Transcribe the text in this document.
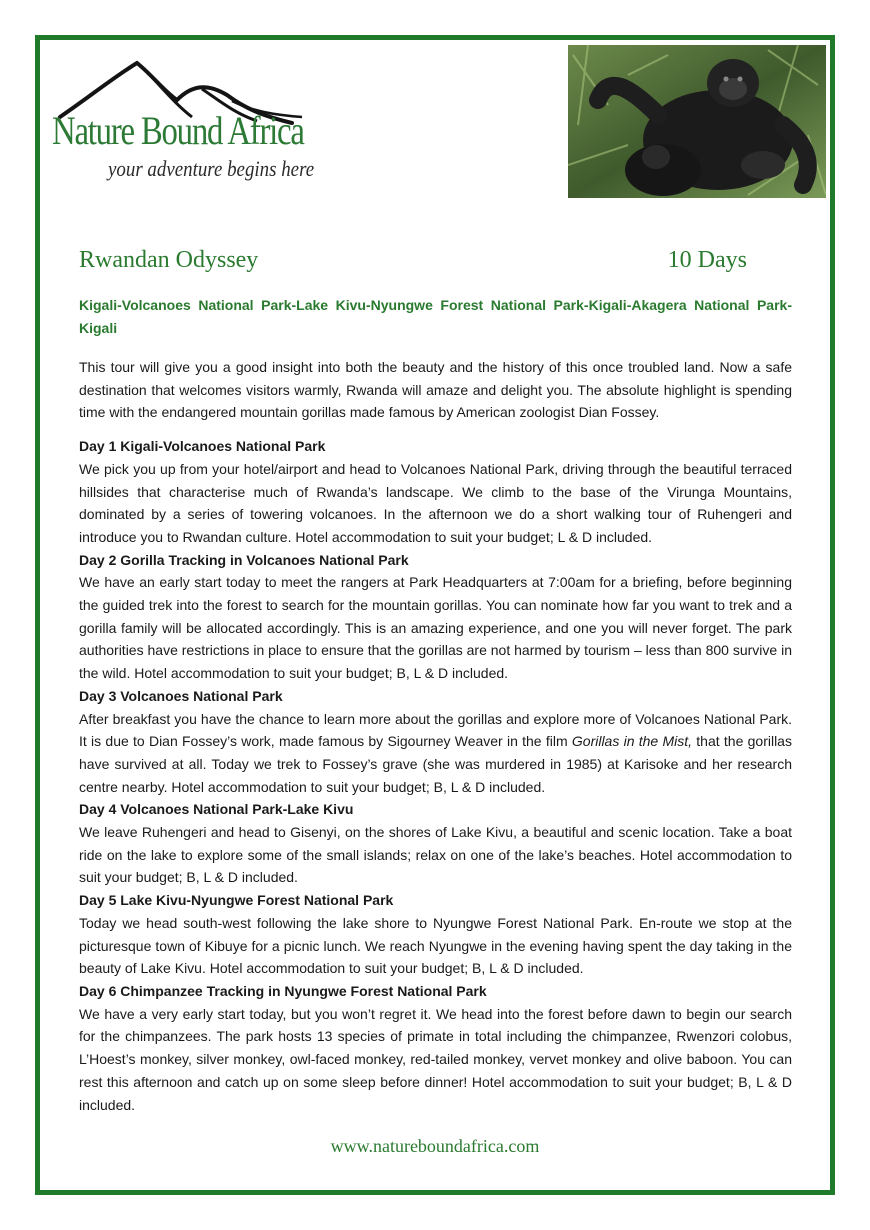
Nature Bound Africa
your adventure begins here
Rwandan Odyssey	10 Days
Kigali-Volcanoes National Park-Lake Kivu-Nyungwe Forest National Park-Kigali-Akagera National Park-Kigali

This tour will give you a good insight into both the beauty and the history of this once troubled land. Now a safe destination that welcomes visitors warmly, Rwanda will amaze and delight you. The absolute highlight is spending time with the endangered mountain gorillas made famous by American zoologist Dian Fossey.

Day 1 Kigali-Volcanoes National Park

We pick you up from your hotel/airport and head to Volcanoes National Park, driving through the beautiful terraced hillsides that characterise much of Rwanda’s landscape. We climb to the base of the Virunga Mountains, dominated by a series of towering volcanoes. In the afternoon we do a short walking tour of Ruhengeri and introduce you to Rwandan culture. Hotel accommodation to suit your budget; L & D included.

Day 2 Gorilla Tracking in Volcanoes National Park

We have an early start today to meet the rangers at Park Headquarters at 7:00am for a briefing, before beginning the guided trek into the forest to search for the mountain gorillas. You can nominate how far you want to trek and a gorilla family will be allocated accordingly. This is an amazing experience, and one you will never forget. The park authorities have restrictions in place to ensure that the gorillas are not harmed by tourism – less than 800 survive in the wild. Hotel accommodation to suit your budget; B, L & D included.

Day 3 Volcanoes National Park

After breakfast you have the chance to learn more about the gorillas and explore more of Volcanoes National Park. It is due to Dian Fossey’s work, made famous by Sigourney Weaver in the film Gorillas in the Mist, that the gorillas have survived at all. Today we trek to Fossey’s grave (she was murdered in 1985) at Karisoke and her research centre nearby. Hotel accommodation to suit your budget; B, L & D included.

Day 4 Volcanoes National Park-Lake Kivu

We leave Ruhengeri and head to Gisenyi, on the shores of Lake Kivu, a beautiful and scenic location. Take a boat ride on the lake to explore some of the small islands; relax on one of the lake’s beaches. Hotel accommodation to suit your budget; B, L & D included.

Day 5 Lake Kivu-Nyungwe Forest National Park

Today we head south-west following the lake shore to Nyungwe Forest National Park. En-route we stop at the picturesque town of Kibuye for a picnic lunch. We reach Nyungwe in the evening having spent the day taking in the beauty of Lake Kivu. Hotel accommodation to suit your budget; B, L & D included.

Day 6 Chimpanzee Tracking in Nyungwe Forest National Park

We have a very early start today, but you won’t regret it. We head into the forest before dawn to begin our search for the chimpanzees. The park hosts 13 species of primate in total including the chimpanzee, Rwenzori colobus, L’Hoest’s monkey, silver monkey, owl-faced monkey, red-tailed monkey, vervet monkey and olive baboon. You can rest this afternoon and catch up on some sleep before dinner! Hotel accommodation to suit your budget; B, L & D included.

www.natureboundafrica.com
